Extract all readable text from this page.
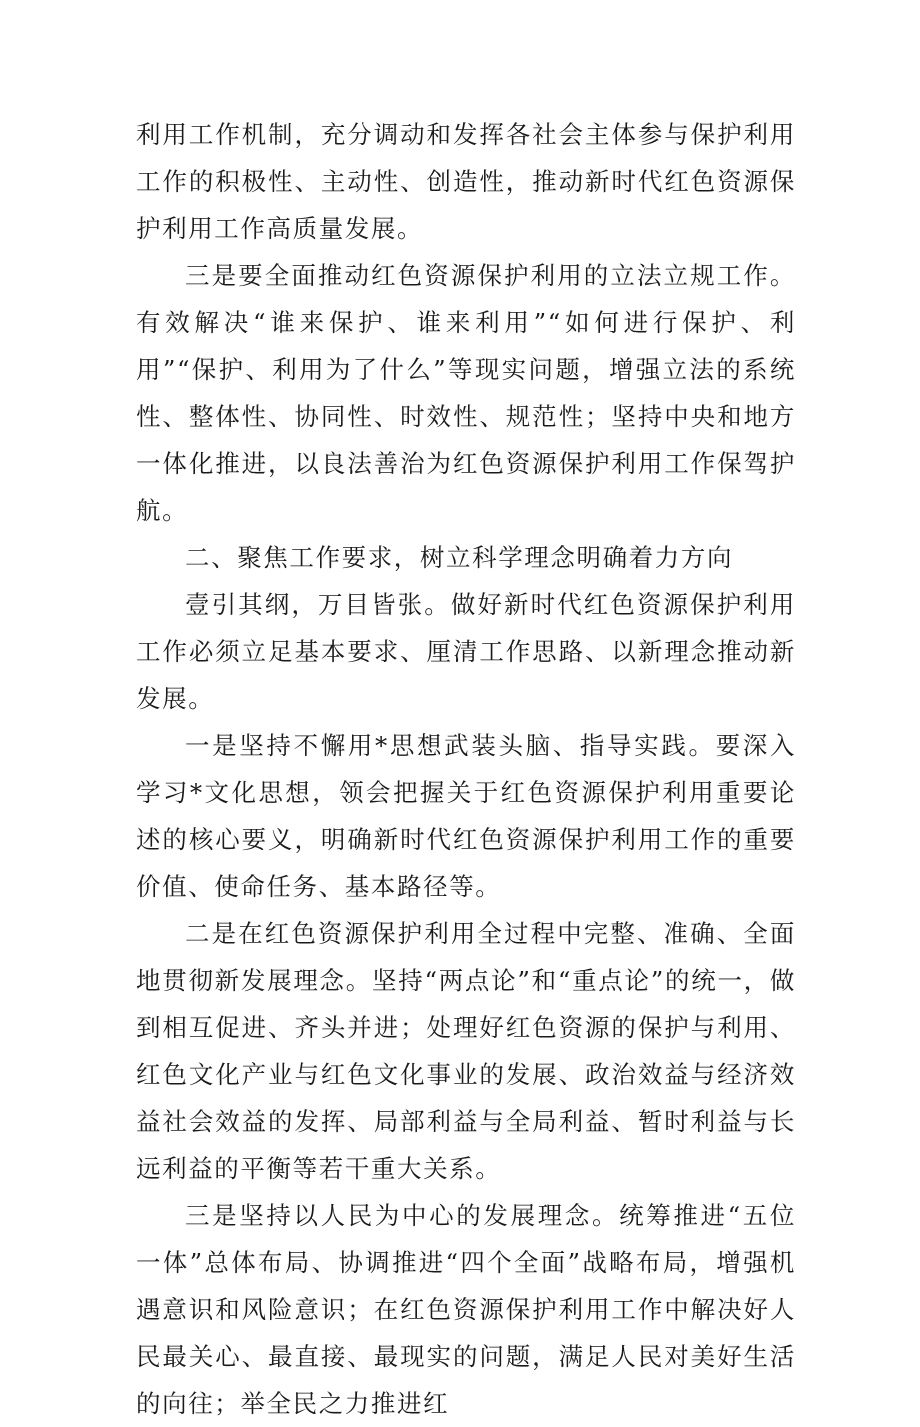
利用工作机制，充分调动和发挥各社会主体参与保护利用工作的积极性、主动性、创造性，推动新时代红色资源保护利用工作高质量发展。

三是要全面推动红色资源保护利用的立法立规工作。有效解决“谁来保护、谁来利用”“如何进行保护、利用”“保护、利用为了什么”等现实问题，增强立法的系统性、整体性、协同性、时效性、规范性；坚持中央和地方一体化推进，以良法善治为红色资源保护利用工作保驾护航。

二、聚焦工作要求，树立科学理念明确着力方向

壹引其纲，万目皆张。做好新时代红色资源保护利用工作必须立足基本要求、厘清工作思路、以新理念推动新发展。

一是坚持不懈用*思想武装头脑、指导实践。要深入学习*文化思想，领会把握关于红色资源保护利用重要论述的核心要义，明确新时代红色资源保护利用工作的重要价值、使命任务、基本路径等。

二是在红色资源保护利用全过程中完整、准确、全面地贯彻新发展理念。坚持“两点论”和“重点论”的统一，做到相互促进、齐头并进；处理好红色资源的保护与利用、红色文化产业与红色文化事业的发展、政治效益与经济效益社会效益的发挥、局部利益与全局利益、暂时利益与长远利益的平衡等若干重大关系。

三是坚持以人民为中心的发展理念。统筹推进“五位一体”总体布局、协调推进“四个全面”战略布局，增强机遇意识和风险意识；在红色资源保护利用工作中解决好人民最关心、最直接、最现实的问题，满足人民对美好生活的向往；举全民之力推进红
